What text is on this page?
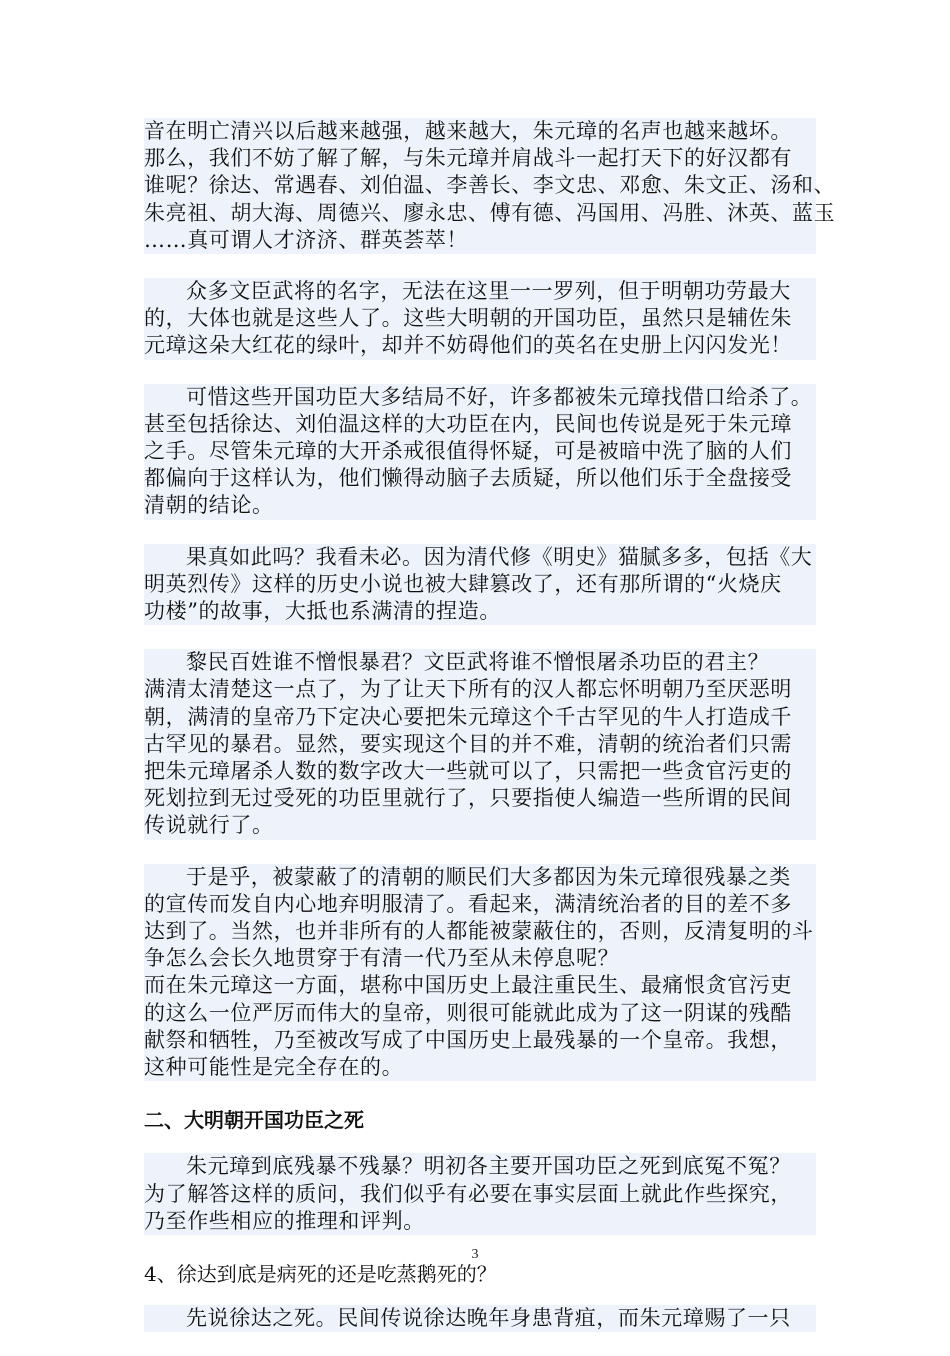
音在明亡清兴以后越来越强，越来越大，朱元璋的名声也越来越坏。
那么，我们不妨了解了解，与朱元璋并肩战斗一起打天下的好汉都有
谁呢？徐达、常遇春、刘伯温、李善长、李文忠、邓愈、朱文正、汤和、
朱亮祖、胡大海、周德兴、廖永忠、傅有德、冯国用、冯胜、沐英、蓝玉
……真可谓人才济济、群英荟萃！
众多文臣武将的名字，无法在这里一一罗列，但于明朝功劳最大
的，大体也就是这些人了。这些大明朝的开国功臣，虽然只是辅佐朱
元璋这朵大红花的绿叶，却并不妨碍他们的英名在史册上闪闪发光！
可惜这些开国功臣大多结局不好，许多都被朱元璋找借口给杀了。
甚至包括徐达、刘伯温这样的大功臣在内，民间也传说是死于朱元璋
之手。尽管朱元璋的大开杀戒很值得怀疑，可是被暗中洗了脑的人们
都偏向于这样认为，他们懒得动脑子去质疑，所以他们乐于全盘接受
清朝的结论。
果真如此吗？我看未必。因为清代修《明史》猫腻多多，包括《大
明英烈传》这样的历史小说也被大肆篡改了，还有那所谓的“火烧庆
功楼”的故事，大抵也系满清的捏造。
黎民百姓谁不憎恨暴君？文臣武将谁不憎恨屠杀功臣的君主？
满清太清楚这一点了，为了让天下所有的汉人都忘怀明朝乃至厌恶明
朝，满清的皇帝乃下定决心要把朱元璋这个千古罕见的牛人打造成千
古罕见的暴君。显然，要实现这个目的并不难，清朝的统治者们只需
把朱元璋屠杀人数的数字改大一些就可以了，只需把一些贪官污吏的
死划拉到无过受死的功臣里就行了，只要指使人编造一些所谓的民间
传说就行了。
于是乎，被蒙蔽了的清朝的顺民们大多都因为朱元璋很残暴之类
的宣传而发自内心地弃明服清了。看起来，满清统治者的目的差不多
达到了。当然，也并非所有的人都能被蒙蔽住的，否则，反清复明的斗
争怎么会长久地贯穿于有清一代乃至从未停息呢？
而在朱元璋这一方面，堪称中国历史上最注重民生、最痛恨贪官污吏
的这么一位严厉而伟大的皇帝，则很可能就此成为了这一阴谋的残酷
献祭和牺牲，乃至被改写成了中国历史上最残暴的一个皇帝。我想，
这种可能性是完全存在的。
二、大明朝开国功臣之死
朱元璋到底残暴不残暴？明初各主要开国功臣之死到底冤不冤？
为了解答这样的质问，我们似乎有必要在事实层面上就此作些探究，
乃至作些相应的推理和评判。
4、徐达到底是病死的还是吃蒸鹅死的？
先说徐达之死。民间传说徐达晚年身患背疽，而朱元璋赐了一只
3
